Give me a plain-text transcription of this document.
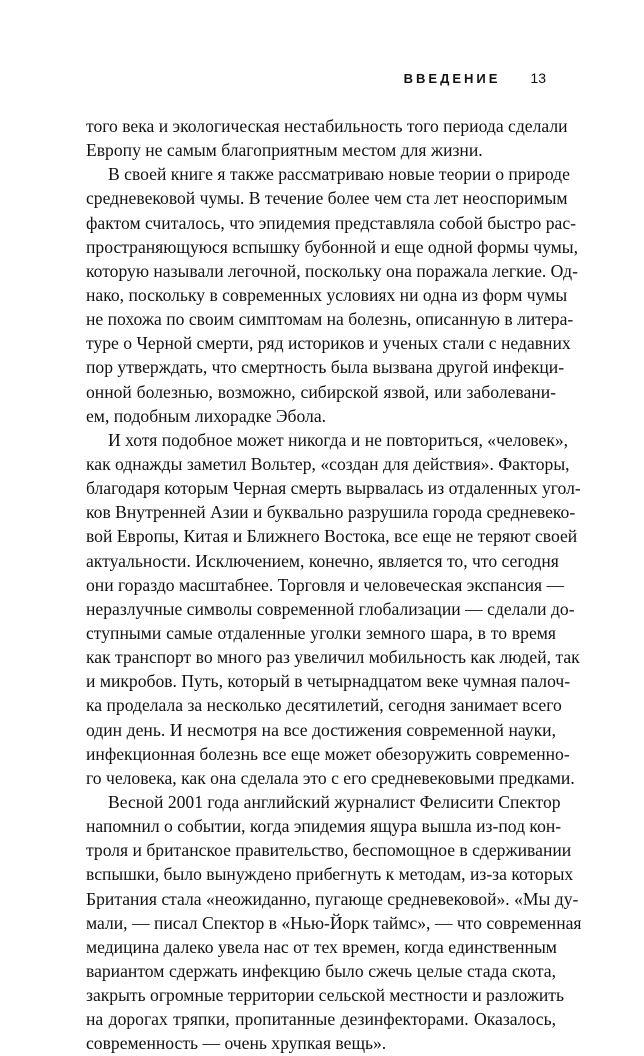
ВВЕДЕНИЕ 13
того века и экологическая нестабильность того периода сделали
Европу не самым благоприятным местом для жизни.
В своей книге я также рассматриваю новые теории о природе
средневековой чумы. В течение более чем ста лет неоспоримым
фактом считалось, что эпидемия представляла собой быстро рас-
пространяющуюся вспышку бубонной и еще одной формы чумы,
которую называли легочной, поскольку она поражала легкие. Од-
нако, поскольку в современных условиях ни одна из форм чумы
не похожа по своим симптомам на болезнь, описанную в литера-
туре о Черной смерти, ряд историков и ученых стали с недавних
пор утверждать, что смертность была вызвана другой инфекци-
онной болезнью, возможно, сибирской язвой, или заболевани-
ем, подобным лихорадке Эбола.
И хотя подобное может никогда и не повториться, «человек»,
как однажды заметил Вольтер, «создан для действия». Факторы,
благодаря которым Черная смерть вырвалась из отдаленных угол-
ков Внутренней Азии и буквально разрушила города средневеко-
вой Европы, Китая и Ближнего Востока, все еще не теряют своей
актуальности. Исключением, конечно, является то, что сегодня
они гораздо масштабнее. Торговля и человеческая экспансия —
неразлучные символы современной глобализации — сделали до-
ступными самые отдаленные уголки земного шара, в то время
как транспорт во много раз увеличил мобильность как людей, так
и микробов. Путь, который в четырнадцатом веке чумная палоч-
ка проделала за несколько десятилетий, сегодня занимает всего
один день. И несмотря на все достижения современной науки,
инфекционная болезнь все еще может обезоружить современно-
го человека, как она сделала это с его средневековыми предками.
Весной 2001 года английский журналист Фелисити Спектор
напомнил о событии, когда эпидемия ящура вышла из-под кон-
троля и британское правительство, беспомощное в сдерживании
вспышки, было вынуждено прибегнуть к методам, из-за которых
Британия стала «неожиданно, пугающе средневековой». «Мы ду-
мали, — писал Спектор в «Нью-Йорк таймс», — что современная
медицина далеко увела нас от тех времен, когда единственным
вариантом сдержать инфекцию было сжечь целые стада скота,
закрыть огромные территории сельской местности и разложить
на дорогах тряпки, пропитанные дезинфекторами. Оказалось,
современность — очень хрупкая вещь».
